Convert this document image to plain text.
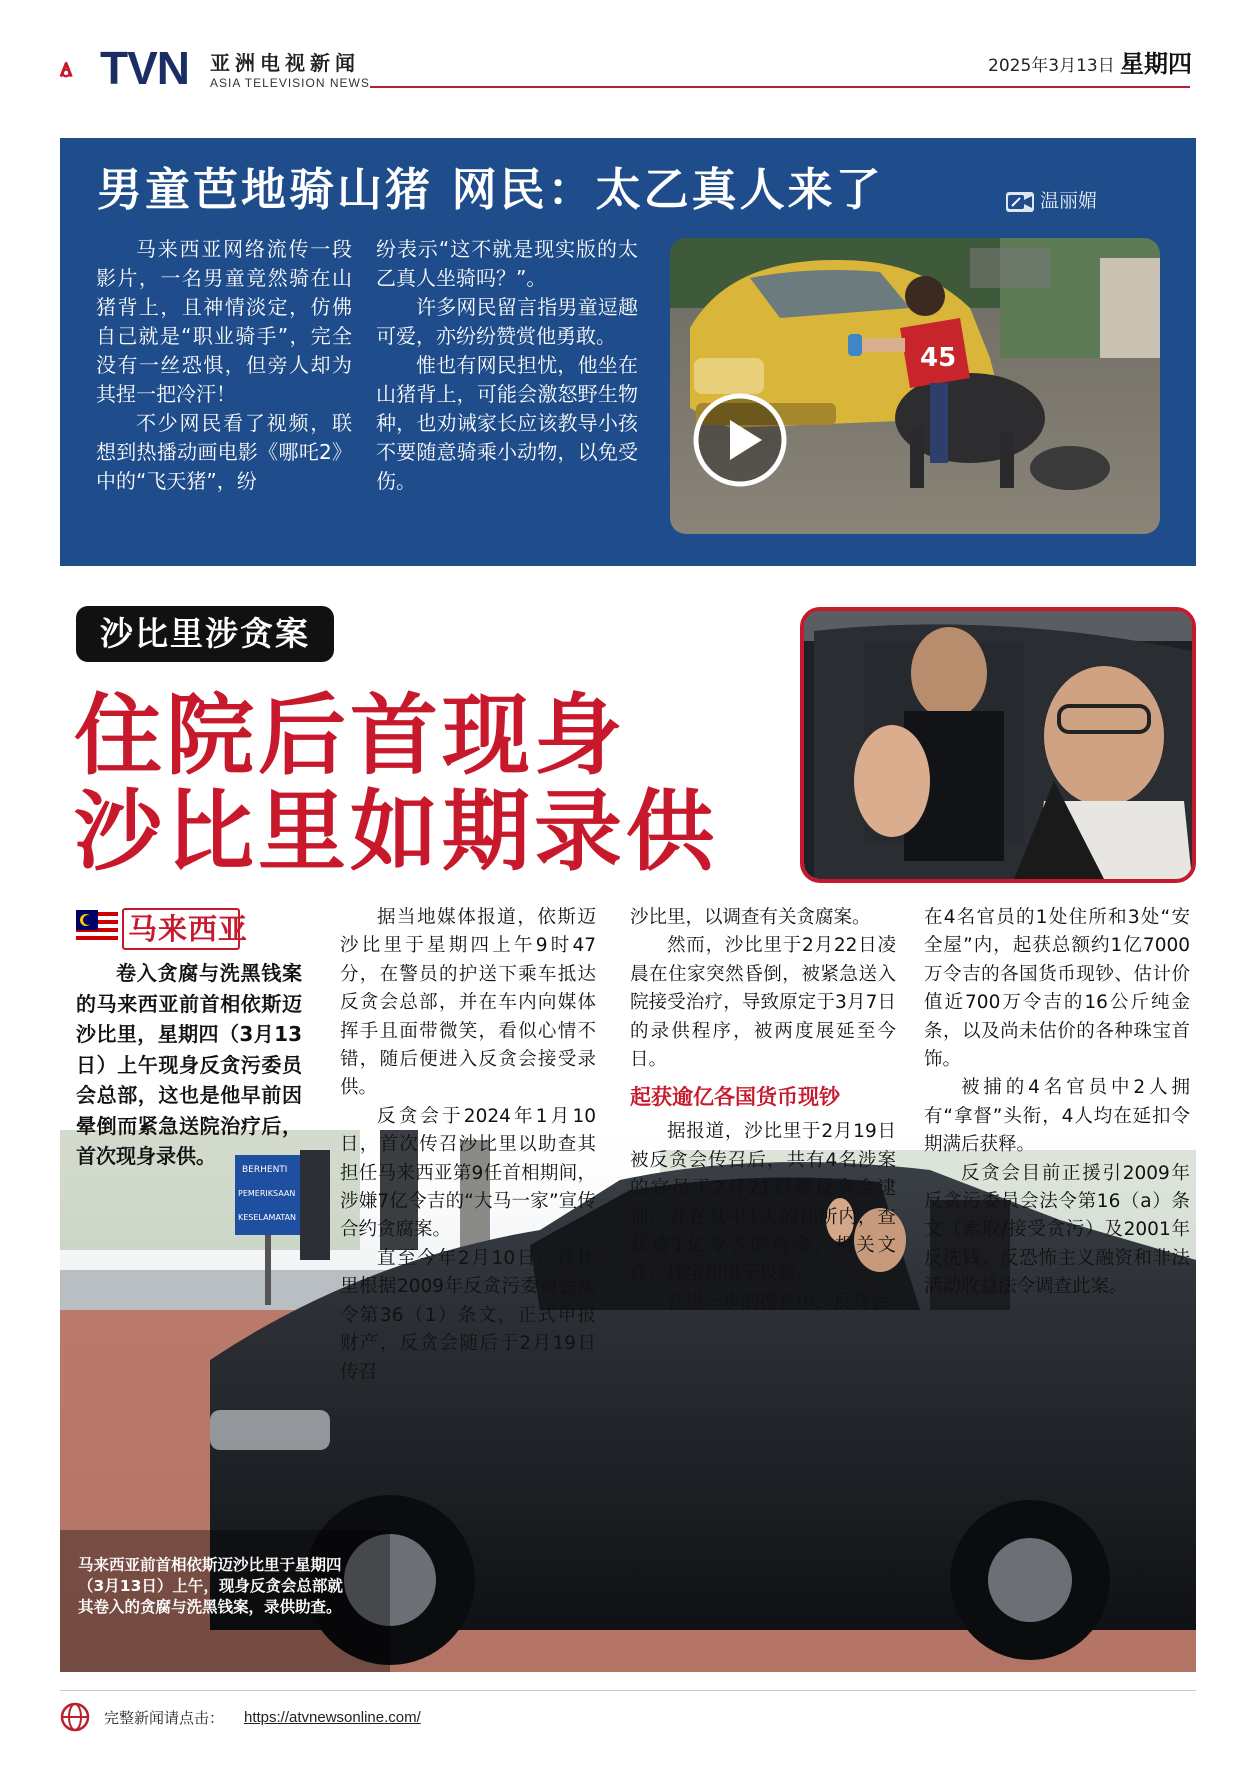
TVN 亚洲电视新闻
ASIA TELEVISION NEWS
2025年3月13日 星期四
男童芭地骑山猪 网民：太乙真人来了	温丽媚

马来西亚网络流传一段影片，一名男童竟然骑在山猪背上，且神情淡定，仿佛自己就是“职业骑手”，完全没有一丝恐惧，但旁人却为其捏一把冷汗！

不少网民看了视频，联想到热播动画电影《哪吒2》中的“飞天猪”，纷

纷表示“这不就是现实版的太乙真人坐骑吗？”。

许多网民留言指男童逗趣可爱，亦纷纷赞赏他勇敢。

惟也有网民担忧，他坐在山猪背上，可能会激怒野生物种，也劝诫家长应该教导小孩不要随意骑乘小动物，以免受伤。

45
沙比里涉贪案
住院后首现身
沙比里如期录供
马来西亚
BERHENTI
PEMERIKSAAN
KESELAMATAN

卷入贪腐与洗黑钱案的马来西亚前首相依斯迈沙比里，星期四（3月13日）上午现身反贪污委员会总部，这也是他早前因晕倒而紧急送院治疗后，首次现身录供。

据当地媒体报道，依斯迈沙比里于星期四上午9时47分，在警员的护送下乘车抵达反贪会总部，并在车内向媒体挥手且面带微笑，看似心情不错，随后便进入反贪会接受录供。

反贪会于2024年1月10日，首次传召沙比里以助查其担任马来西亚第9任首相期间，涉嫌7亿令吉的“大马一家”宣传合约贪腐案。

直至今年2月10日，沙比里根据2009年反贪污委员会法令第36（1）条文，正式申报财产，反贪会随后于2月19日传召

沙比里，以调查有关贪腐案。

然而，沙比里于2月22日凌晨在住家突然昏倒，被紧急送入院接受治疗，导致原定于3月7日的录供程序，被两度展延至今日。

起获逾亿各国货币现钞

据报道，沙比里于2月19日被反贪会传召后，共有4名涉案的官员于2月21日被反贪会逮捕，并在其中1人的住所内，查获逾1亿令吉的现金、相关文件、珠宝和电子设备。

在进一步的搜查中，反贪会

在4名官员的1处住所和3处“安全屋”内，起获总额约1亿7000万令吉的各国货币现钞、估计价值近700万令吉的16公斤纯金条，以及尚未估价的各种珠宝首饰。

被捕的4名官员中2人拥有“拿督”头衔，4人均在延扣令期满后获释。

反贪会目前正援引2009年反贪污委员会法令第16（a）条文（索取/接受贪污）及2001年反洗钱、反恐怖主义融资和非法活动收益法令调查此案。

马来西亚前首相依斯迈沙比里于星期四（3月13日）上午，现身反贪会总部就其卷入的贪腐与洗黑钱案，录供助查。
完整新闻请点击： https://atvnewsonline.com/
